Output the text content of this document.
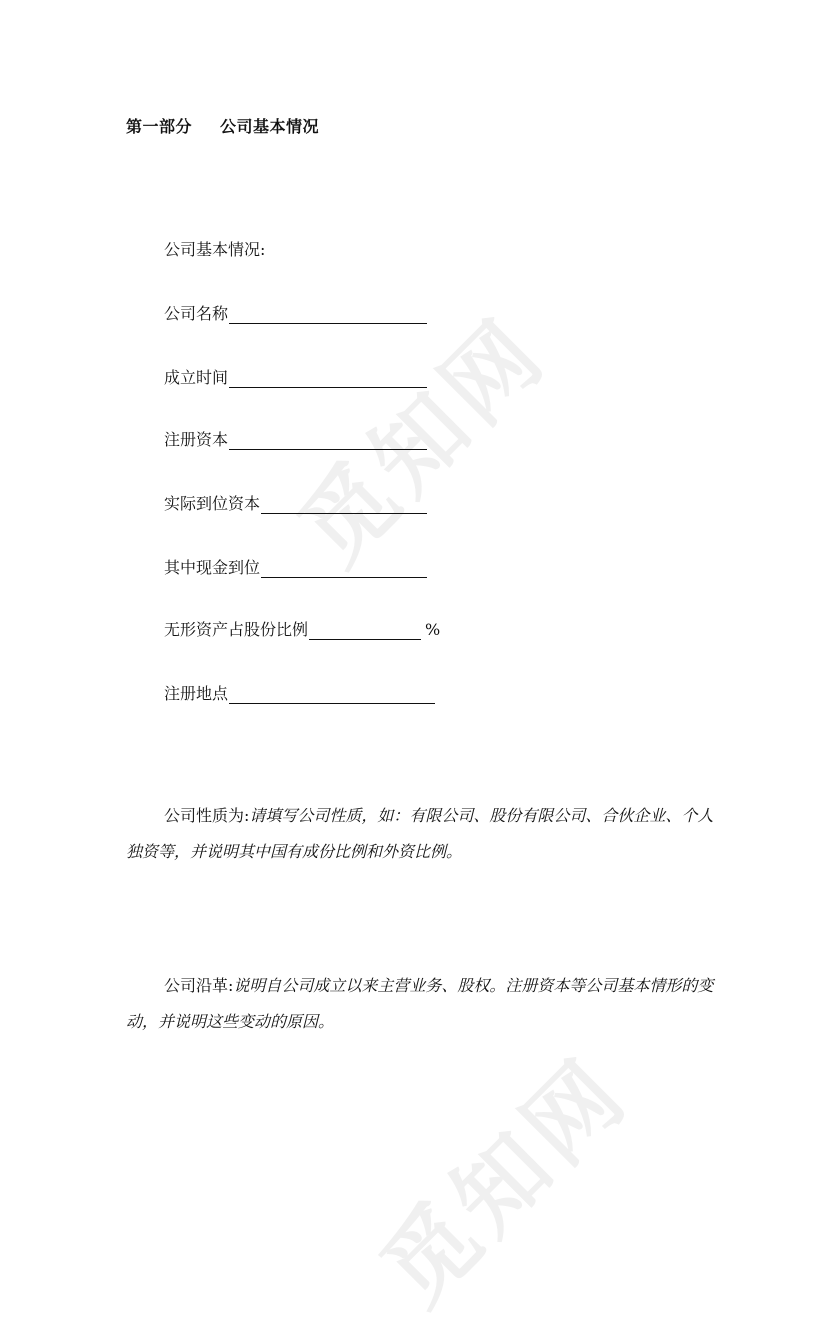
觅知网
觅知网
第一部分 公司基本情况
公司基本情况:
公司名称
成立时间
注册资本
实际到位资本
其中现金到位
无形资产占股份比例	%
注册地点
公司性质为:请填写公司性质，如：有限公司、股份有限公司、合伙企业、个人独资等，并说明其中国有成份比例和外资比例。
公司沿革:说明自公司成立以来主营业务、股权。注册资本等公司基本情形的变动，并说明这些变动的原因。
